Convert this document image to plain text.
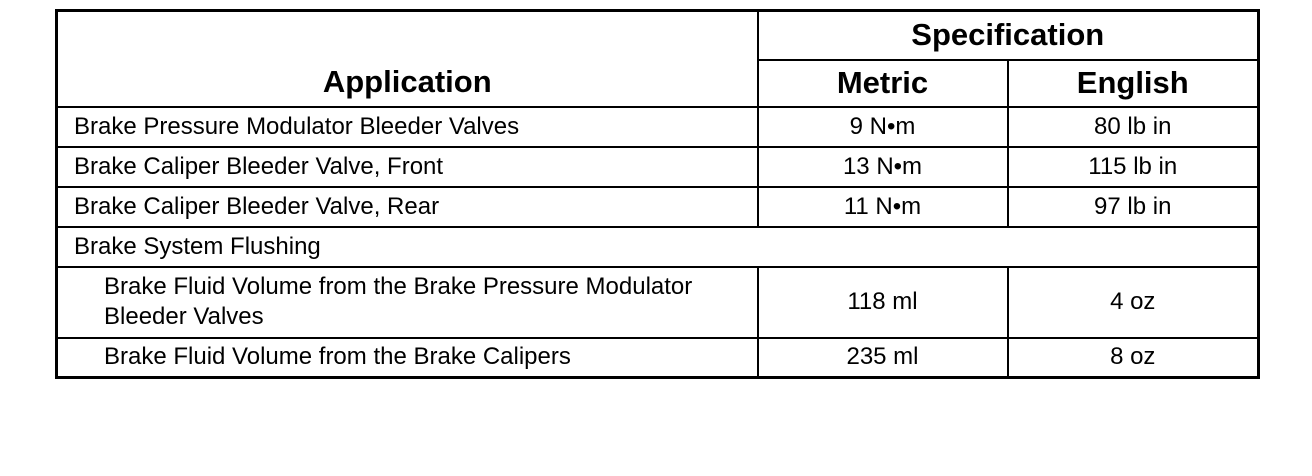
Application	Specification	
	Metric	English
Brake Pressure Modulator Bleeder Valves	9 N•m	80 lb in
Brake Caliper Bleeder Valve, Front	13 N•m	115 lb in
Brake Caliper Bleeder Valve, Rear	11 N•m	97 lb in
Brake System Flushing		
Brake Fluid Volume from the Brake Pressure Modulator Bleeder Valves	118 ml	4 oz
Brake Fluid Volume from the Brake Calipers	235 ml	8 oz
